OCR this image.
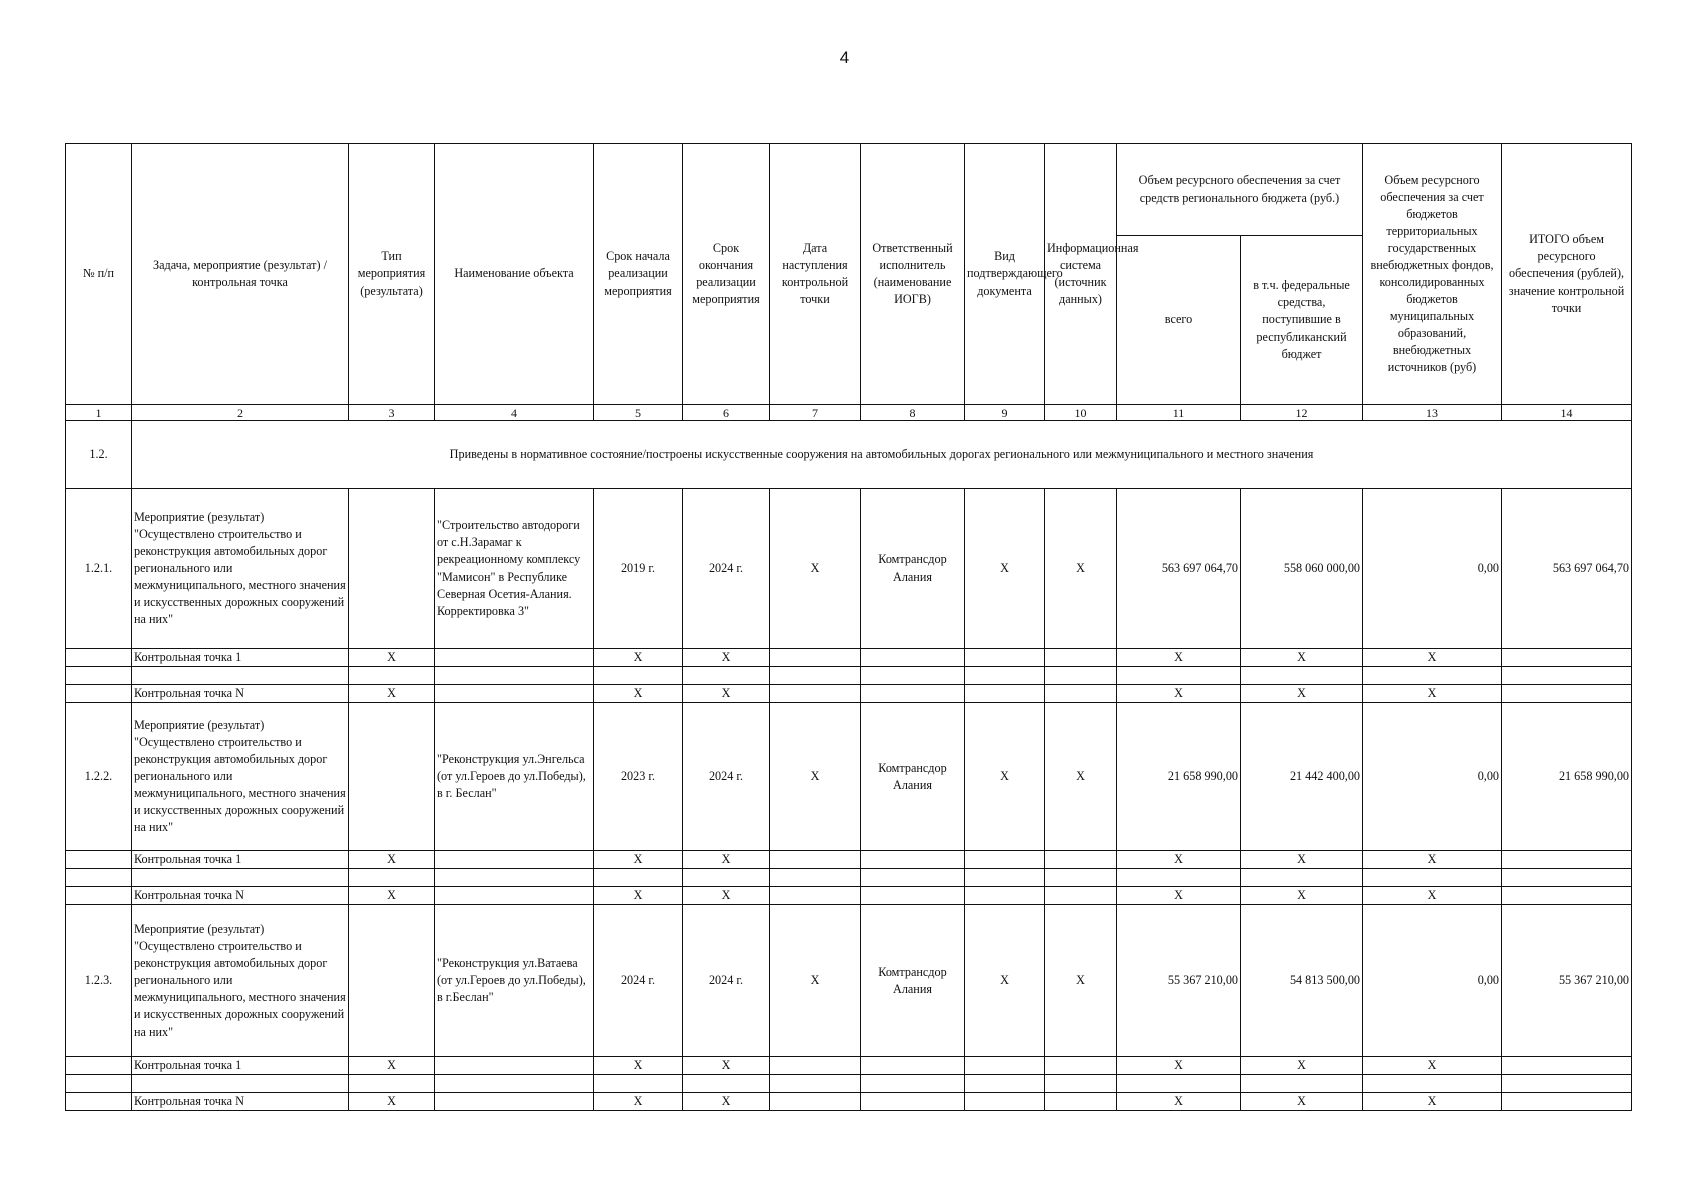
4
№ п/п	Задача, мероприятие (результат) / контрольная точка	Тип мероприятия (результата)	Наименование объекта	Срок начала реализации мероприятия	Срок окончания реализации мероприятия	Дата наступления контрольной точки	Ответственный исполнитель (наименование ИОГВ)	Вид подтверждающего документа	Информационная система (источник данных)	Объем ресурсного обеспечения за счет средств регионального бюджета (руб.)		Объем ресурсного обеспечения за счет бюджетов территориальных государственных внебюджетных фондов, консолидированных бюджетов муниципальных образований, внебюджетных источников (руб)	ИТОГО объем ресурсного обеспечения (рублей), значение контрольной точки
										всего	в т.ч. федеральные средства, поступившие в республиканский бюджет		
1	2	3	4	5	6	7	8	9	10	11	12	13	14
1.2.	Приведены в нормативное состояние/построены искусственные сооружения на автомобильных дорогах регионального или межмуниципального и местного значения												
1.2.1.	Мероприятие (результат) "Осуществлено строительство и реконструкция автомобильных дорог регионального или межмуниципального, местного значения и искусственных дорожных сооружений на них"		"Строительство автодороги от с.Н.Зарамаг к рекреационному комплексу "Мамисон" в Республике Северная Осетия-Алания. Корректировка 3"	2019 г.	2024 г.	Х	Комтрансдор Алания	Х	Х	563 697 064,70	558 060 000,00	0,00	563 697 064,70
	Контрольная точка 1	Х		Х	Х					Х	Х	Х	

	Контрольная точка N	Х		Х	Х					Х	Х	Х	
1.2.2.	Мероприятие (результат) "Осуществлено строительство и реконструкция автомобильных дорог регионального или межмуниципального, местного значения и искусственных дорожных сооружений на них"		"Реконструкция ул.Энгельса (от ул.Героев до ул.Победы), в г. Беслан"	2023 г.	2024 г.	Х	Комтрансдор Алания	Х	Х	21 658 990,00	21 442 400,00	0,00	21 658 990,00
	Контрольная точка 1	Х		Х	Х					Х	Х	Х	

	Контрольная точка N	Х		Х	Х					Х	Х	Х	
1.2.3.	Мероприятие (результат) "Осуществлено строительство и реконструкция автомобильных дорог регионального или межмуниципального, местного значения и искусственных дорожных сооружений на них"		"Реконструкция ул.Ватаева (от ул.Героев до ул.Победы), в г.Беслан"	2024 г.	2024 г.	Х	Комтрансдор Алания	Х	Х	55 367 210,00	54 813 500,00	0,00	55 367 210,00
	Контрольная точка 1	Х		Х	Х					Х	Х	Х	

	Контрольная точка N	Х		Х	Х					Х	Х	Х	
